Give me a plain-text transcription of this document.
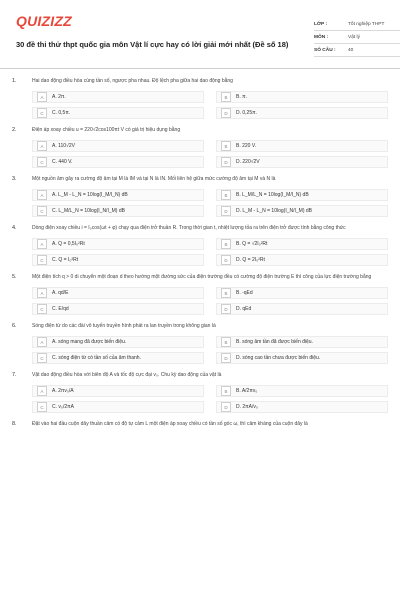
QUIZIZZ
30 đề thi thử thpt quốc gia môn Vật lí cực hay có lời giải mới nhất (Đề số 18)
LỚP :	Tốt nghiệp THPT
MÔN :	Vật lý
SỐ CÂU :	40
1.	Hai dao động điều hòa cùng tần số, ngược pha nhau. Độ lệch pha giữa hai dao động bằng
A	A. 2π.	B	B. π.
C	C. 0,5π.	D	D. 0,25π.
2.	Điện áp xoay chiều u = 220√2cos100πt V có giá trị hiệu dụng bằng
A	A. 110√2V	B	B. 220 V.
C	C. 440 V.	D	D. 220√2V
3.	Một nguồn âm gây ra cường độ âm tại M là IM và tại N là IN. Mối liên hệ giữa mức cường độ âm tại M và N là
A	A. L_M - L_N = 10log(I_M/I_N) dB	B	B. L_M/L_N = 10log(I_M/I_N) dB
C	C. L_M/L_N = 10log(I_N/I_M) dB	D	D. L_M - L_N = 10log(I_N/I_M) dB
4.	Dòng điện xoay chiều i = I₀cos(ωt + φ) chạy qua điện trở thuần R. Trong thời gian t, nhiệt lượng tỏa ra trên điện trở được tính bằng công thức
A	A. Q = 0,5I₀²Rt	B	B. Q = √2I₀²Rt
C	C. Q = I₀²Rt	D	D. Q = 2I₀²Rt
5.	Một điện tích q > 0 di chuyển một đoạn d theo hướng một đường sức của điện trường đều có cường độ điện trường E thì công của lực điện trường bằng
A	A. qd/E	B	B. -qEd
C	C. E/qd	D	D. qEd
6.	Sóng điện từ do các đài vô tuyến truyền hình phát ra lan truyền trong không gian là
A	A. sóng mang đã được biến điệu.	B	B. sóng âm tần đã được biến điệu.
C	C. sóng điện từ có tần số của âm thanh.	D	D. sóng cao tần chưa được biến điệu.
7.	Vật dao động điều hòa với biên độ A và tốc độ cực đại v₀. Chu kỳ dao động của vật là
A	A. 2πv₀/A	B	B. A/2πv₀
C	C. v₀/2πA	D	D. 2πA/v₀
8.	Đặt vào hai đầu cuộn dây thuần cảm có độ tự cảm L một điện áp xoay chiều có tần số góc ω, thì cảm kháng của cuộn dây là
